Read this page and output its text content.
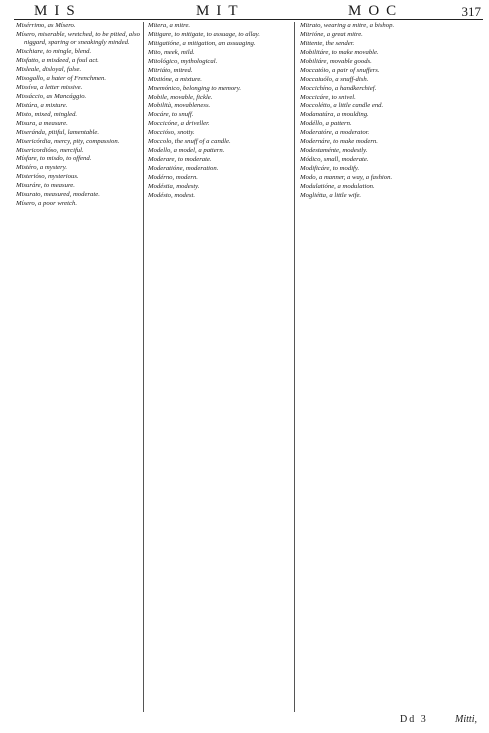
MIS	MIT	MOC	317

Misérrimo, as Mísero.

Mísero, miserable, wretched, to be pitied, also niggard, sparing or sneakingly minded.

Mischiare, to mingle, blend.

Misfatto, a misdeed, a foul act.

Misleale, disloyal, false.

Misogallo, a hater of Frenchmen.

Missíva, a letter missive.

Missáccio, as Mancággio.

Mistúra, a mixture.

Misto, mixed, mingled.

Misura, a measure.

Miseránda, pitiful, lamentable.

Misericórdia, mercy, pity, compassion.

Misericordióso, merciful.

Mísfare, to misdo, to offend.

Mistéro, a mystery.

Misterióso, mysterious.

Misuráre, to measure.

Misurato, measured, moderate.

Mísero, a poor wretch.

Mitera, a mitre.

Mitigare, to mitigate, to assuage, to allay.

Mitigatióne, a mitigation, an assuaging.

Mito, meek, mild.

Mitológico, mythological.

Mitriáto, mitred.

Mixtióne, a mixture.

Mnemónico, belonging to memory.

Mobile, movable, fickle.

Mobilità, movableness.

Mocáre, to snuff.

Moccicóne, a driveller.

Moccióso, snotty.

Moccolo, the snuff of a candle.

Modello, a model, a pattern.

Moderare, to moderate.

Moderatióne, moderation.

Modérno, modern.

Modéstia, modesty.

Modésto, modest.

Mitrato, wearing a mitre, a bishop.

Mitrióne, a great mitre.

Mittente, the sender.

Mobilitáre, to make movable.

Mobiliáre, movable goods.

Moccatóio, a pair of snuffers.

Moccaiuólo, a snuff-dish.

Moccichíno, a handkerchief.

Moccicáre, to snivel.

Moccolétto, a little candle end.

Modanatúra, a moulding.

Modéllo, a pattern.

Moderatóre, a moderator.

Modernáre, to make modern.

Modestaménte, modestly.

Módico, small, moderate.

Modificáre, to modify.

Modo, a manner, a way, a fashion.

Modulatióne, a modulation.

Mogliétta, a little wife.

Dd 3	Mitti,
